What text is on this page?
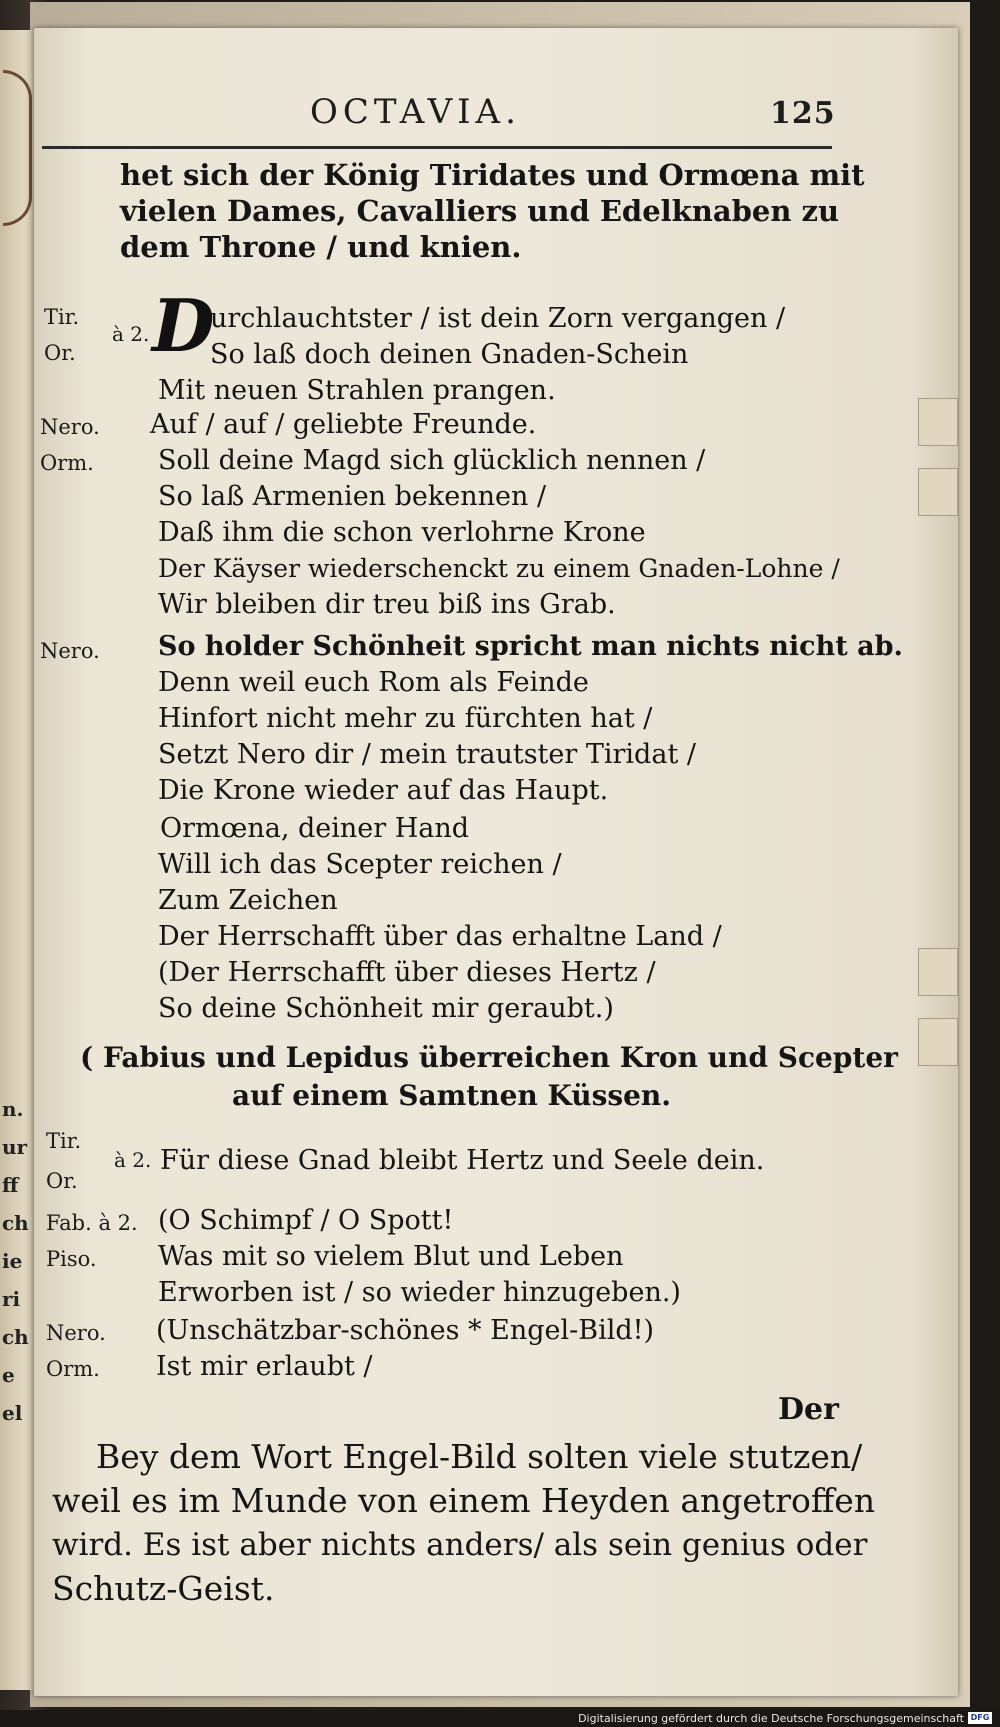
n.
ur
ff
ch
ie
ri
ch
e
el
OCTAVIA.	125
het sich der König Tiridates und Ormœna mit
vielen Dames, Cavalliers und Edelknaben zu
dem Throne / und knien.
Tir.
Or.
à 2. D
urchlauchtster / ist dein Zorn vergangen /
So laß doch deinen Gnaden-Schein
Mit neuen Strahlen prangen.
Nero. Auf / auf / geliebte Freunde.
Orm. Soll deine Magd sich glücklich nennen /
So laß Armenien bekennen /
Daß ihm die schon verlohrne Krone
Der Käyser wiederschenckt zu einem Gnaden-Lohne /
Wir bleiben dir treu biß ins Grab.
Nero. So holder Schönheit spricht man nichts nicht ab.
Denn weil euch Rom als Feinde
Hinfort nicht mehr zu fürchten hat /
Setzt Nero dir / mein trautster Tiridat /
Die Krone wieder auf das Haupt.
Ormœna, deiner Hand
Will ich das Scepter reichen /
Zum Zeichen
Der Herrschafft über das erhaltne Land /
(Der Herrschafft über dieses Hertz /
So deine Schönheit mir geraubt.)
( Fabius und Lepidus überreichen Kron und Scepter
auf einem Samtnen Küssen.
Tir.
Or.
à 2. Für diese Gnad bleibt Hertz und Seele dein.
Fab. à 2. (O Schimpf / O Spott!
Piso. Was mit so vielem Blut und Leben
Erworben ist / so wieder hinzugeben.)
Nero. (Unschätzbar-schönes * Engel-Bild!)
Orm. Ist mir erlaubt /
Der
Bey dem Wort Engel-Bild solten viele stutzen/
weil es im Munde von einem Heyden angetroffen
wird. Es ist aber nichts anders/ als sein genius oder
Schutz-Geist.
Digitalisierung gefördert durch die Deutsche Forschungsgemeinschaft DFG
